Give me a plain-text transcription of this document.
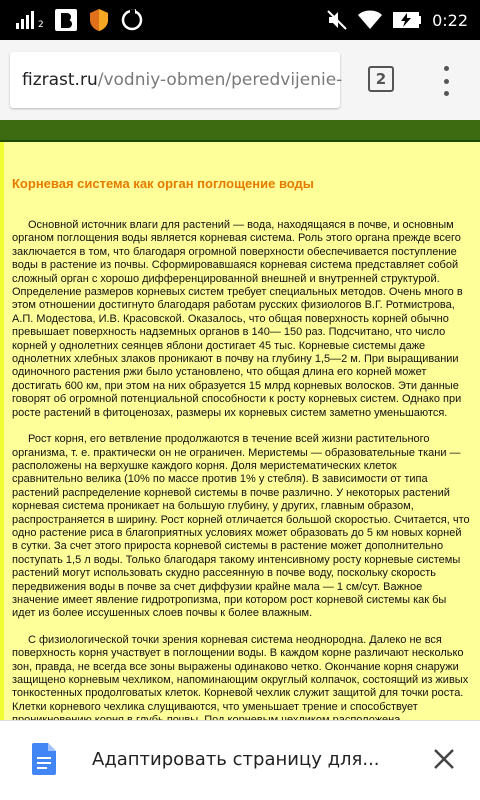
2	0:22
fizrast.ru /vodniy-obmen/peredvijenie- 2
Корневая система как орган поглощение воды

Основной источник влаги для растений — вода, находящаяся в почве, и основным органом поглощения воды является корневая система. Роль этого органа прежде всего заключается в том, что благодаря огромной поверхности обеспечивается поступление воды в растение из почвы. Сформировавшаяся корневая система представляет собой сложный орган с хорошо дифференцированной внешней и внутренней структурой. Определение размеров корневых систем требует специальных методов. Очень много в этом отношении достигнуто благодаря работам русских физиологов В.Г. Ротмистрова, А.П. Модестова, И.В. Красовской. Оказалось, что общая поверхность корней обычно превышает поверхность надземных органов в 140— 150 раз. Подсчитано, что число корней у однолетних сеянцев яблони достигает 45 тыс. Корневые системы даже однолетних хлебных злаков проникают в почву на глубину 1,5—2 м. При выращивании одиночного растения ржи было установлено, что общая длина его корней может достигать 600 км, при этом на них образуется 15 млрд корневых волосков. Эти данные говорят об огромной потенциальной способности к росту корневых систем. Однако при росте растений в фитоценозах, размеры их корневых систем заметно уменьшаются.

Рост корня, его ветвление продолжаются в течение всей жизни растительного организма, т. е. практически он не ограничен. Меристемы — образовательные ткани — расположены на верхушке каждого корня. Доля меристематических клеток сравнительно велика (10% по массе против 1% у стебля). В зависимости от типа растений распределение корневой системы в почве различно. У некоторых растений корневая система проникает на большую глубину, у других, главным образом, распространяется в ширину. Рост корней отличается большой скоростью. Считается, что одно растение риса в благоприятных условиях может образовать до 5 км новых корней в сутки. За счет этого прироста корневой системы в растение может дополнительно поступать 1,5 л воды. Только благодаря такому интенсивному росту корневые системы растений могут использовать скудно рассеянную в почве воду, поскольку скорость передвижения воды в почве за счет диффузии крайне мала — 1 см/сут. Важное значение имеет явление гидротропизма, при котором рост корневой системы как бы идет из более иссушенных слоев почвы к более влажным.

С физиологической точки зрения корневая система неоднородна. Далеко не вся поверхность корня участвует в поглощении воды. В каждом корне различают несколько зон, правда, не всегда все зоны выражены одинаково четко. Окончание корня снаружи защищено корневым чехликом, напоминающим округлый колпачок, состоящий из живых тонкостенных продолговатых клеток. Корневой чехлик служит защитой для точки роста. Клетки корневого чехлика слущиваются, что уменьшает трение и способствует

Адаптировать страницу для...
